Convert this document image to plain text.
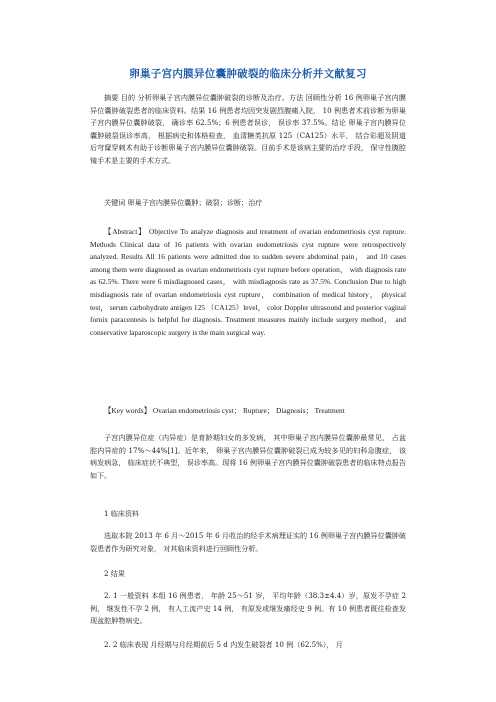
卵巢子宫内膜异位囊肿破裂的临床分析并文献复习
摘要 目的 分析卵巢子宫内膜异位囊肿破裂的诊断及治疗。方法 回顾性分析 16 例卵巢子宫内膜异位囊肿破裂患者的临床资料。结果 16 例患者均因突发剧烈腹痛入院， 10 例患者术前诊断为卵巢子宫内膜异位囊肿破裂， 确诊率 62.5%；6 例患者误诊， 误诊率 37.5%。结论 卵巢子宫内膜异位囊肿破裂误诊率高， 根据病史和体格检查， 血清糖类抗原 125（CA125）水平， 结合彩超及阴道后穹窿穿刺术有助于诊断卵巢子宫内膜异位囊肿破裂。目前手术是该病主要的治疗手段， 保守性腹腔镜手术是主要的手术方式。
关键词 卵巢子宫内膜异位囊肿；破裂；诊断；治疗
【Abstract】 Objective To analyze diagnosis and treatment of ovarian endometriosis cyst rupture. Methods Clinical data of 16 patients with ovarian endometriosis cyst rupture were retrospectively analyzed. Results All 16 patients were admitted due to sudden severe abdominal pain， and 10 cases among them were diagnosed as ovarian endometriosis cyst rupture before operation， with diagnosis rate as 62.5%. There were 6 misdiagnosed cases， with misdiagnosis rate as 37.5%. Conclusion Due to high misdiagnosis rate of ovarian endometriosis cyst rupture， combination of medical history， physical test， serum carbohydrate antigen 125 （CA125）level， color Doppler ultrasound and posterior vaginal fornix paracentesis is helpful for diagnosis. Treatment measures mainly include surgery method， and conservative laparoscopic surgery is the main surgical way.
【Key words】 Ovarian endometriosis cyst； Rupture； Diagnosis； Treatment
子宫内膜异位症（内异症）是育龄期妇女的多发病， 其中卵巢子宫内膜异位囊肿最常见， 占盆腔内异症的 17%～44%[1]。近年来， 卵巢子宫内膜异位囊肿破裂已成为较多见的妇科急腹症， 该病发病急， 临床症状不典型， 误诊率高。现将 16 例卵巢子宫内膜异位囊肿破裂患者的临床特点报告如下。
1 临床资料
选取本院 2013 年 6 月～2015 年 6 月收治的经手术病理证实的 16 例卵巢子宫内膜异位囊肿破裂患者作为研究对象， 对其临床资料进行回顾性分析。
2 结果
2. 1 一般资料 本组 16 例患者， 年龄 25～51 岁， 平均年龄（38.3±4.4）岁，原发不孕症 2 例， 继发性不孕 2 例， 有人工流产史 14 例， 有原发或继发痛经史 9 例。有 10 例患者既往检查发现盆腔肿物病史。
2. 2 临床表现 月经期与月经期前后 5 d 内发生破裂者 10 例（62.5%）， 月
